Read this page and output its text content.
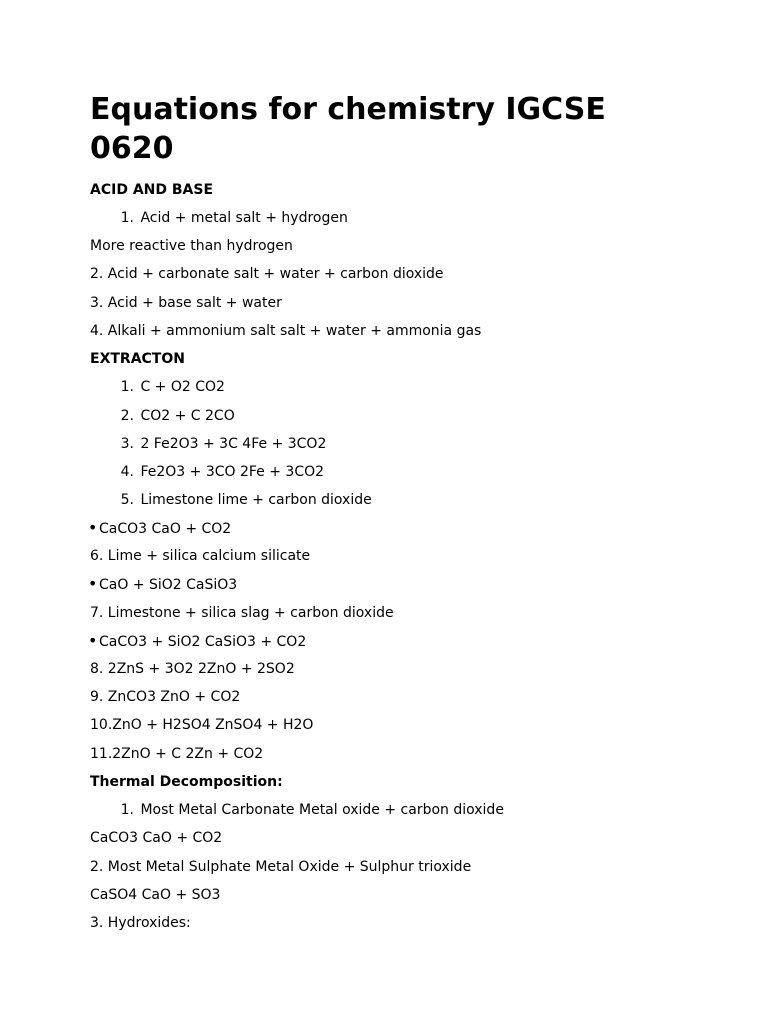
Equations for chemistry IGCSE 0620
ACID AND BASE
1. Acid + metal salt + hydrogen
More reactive than hydrogen
2. Acid + carbonate salt + water + carbon dioxide
3. Acid + base salt + water
4. Alkali + ammonium salt salt + water + ammonia gas
EXTRACTON
1. C + O2 CO2
2. CO2 + C 2CO
3. 2 Fe2O3 + 3C 4Fe + 3CO2
4. Fe2O3 + 3CO 2Fe + 3CO2
5. Limestone lime + carbon dioxide
• CaCO3 CaO + CO2
6. Lime + silica calcium silicate
• CaO + SiO2 CaSiO3
7. Limestone + silica slag + carbon dioxide
• CaCO3 + SiO2 CaSiO3 + CO2
8. 2ZnS + 3O2 2ZnO + 2SO2
9. ZnCO3 ZnO + CO2
10.ZnO + H2SO4 ZnSO4 + H2O
11.2ZnO + C 2Zn + CO2
Thermal Decomposition:
1. Most Metal Carbonate Metal oxide + carbon dioxide
CaCO3 CaO + CO2
2. Most Metal Sulphate Metal Oxide + Sulphur trioxide
CaSO4 CaO + SO3
3. Hydroxides:
